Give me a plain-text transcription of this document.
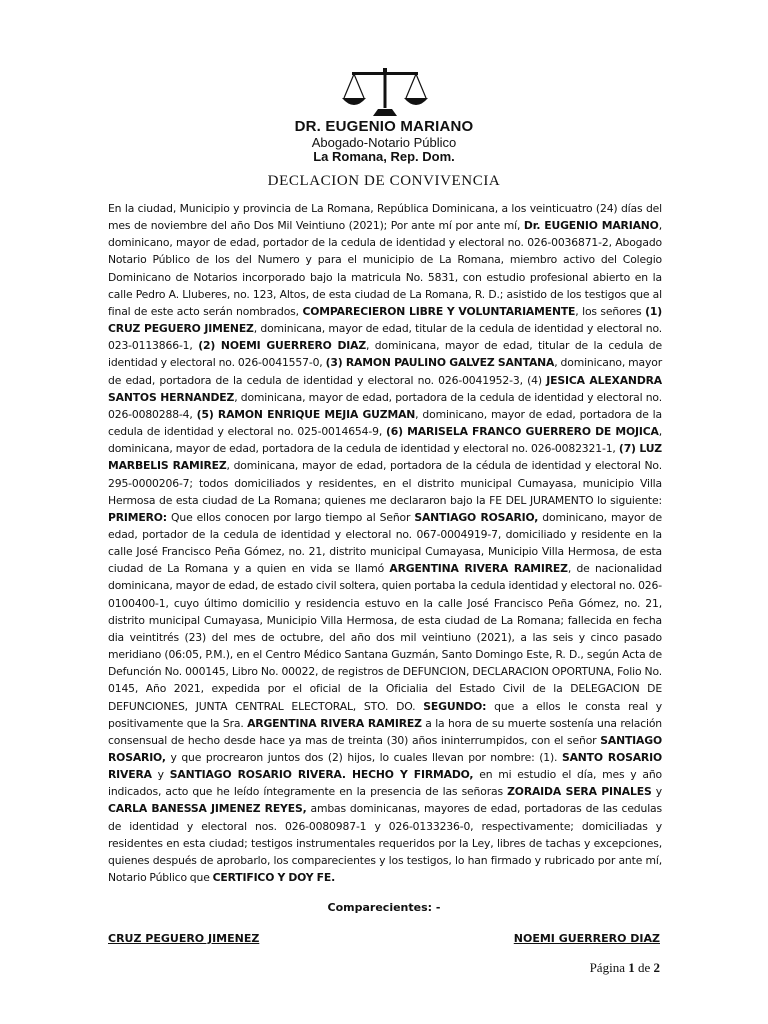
DR. EUGENIO MARIANO
Abogado-Notario Público
La Romana, Rep. Dom.
DECLACION DE CONVIVENCIA

En la ciudad, Municipio y provincia de La Romana, República Dominicana, a los veinticuatro (24) días del mes de noviembre del año Dos Mil Veintiuno (2021); Por ante mí por ante mí, Dr. EUGENIO MARIANO, dominicano, mayor de edad, portador de la cedula de identidad y electoral no. 026-0036871-2, Abogado Notario Público de los del Numero y para el municipio de La Romana, miembro activo del Colegio Dominicano de Notarios incorporado bajo la matricula No. 5831, con estudio profesional abierto en la calle Pedro A. Lluberes, no. 123, Altos, de esta ciudad de La Romana, R. D.; asistido de los testigos que al final de este acto serán nombrados, COMPARECIERON LIBRE Y VOLUNTARIAMENTE, los señores (1) CRUZ PEGUERO JIMENEZ, dominicana, mayor de edad, titular de la cedula de identidad y electoral no. 023-0113866-1, (2) NOEMI GUERRERO DIAZ, dominicana, mayor de edad, titular de la cedula de identidad y electoral no. 026-0041557-0, (3) RAMON PAULINO GALVEZ SANTANA, dominicano, mayor de edad, portadora de la cedula de identidad y electoral no. 026-0041952-3, (4) JESICA ALEXANDRA SANTOS HERNANDEZ, dominicana, mayor de edad, portadora de la cedula de identidad y electoral no. 026-0080288-4, (5) RAMON ENRIQUE MEJIA GUZMAN, dominicano, mayor de edad, portadora de la cedula de identidad y electoral no. 025-0014654-9, (6) MARISELA FRANCO GUERRERO DE MOJICA, dominicana, mayor de edad, portadora de la cedula de identidad y electoral no. 026-0082321-1, (7) LUZ MARBELIS RAMIREZ, dominicana, mayor de edad, portadora de la cédula de identidad y electoral No. 295-0000206-7; todos domiciliados y residentes, en el distrito municipal Cumayasa, municipio Villa Hermosa de esta ciudad de La Romana; quienes me declararon bajo la FE DEL JURAMENTO lo siguiente: PRIMERO: Que ellos conocen por largo tiempo al Señor SANTIAGO ROSARIO, dominicano, mayor de edad, portador de la cedula de identidad y electoral no. 067-0004919-7, domiciliado y residente en la calle José Francisco Peña Gómez, no. 21, distrito municipal Cumayasa, Municipio Villa Hermosa, de esta ciudad de La Romana y a quien en vida se llamó ARGENTINA RIVERA RAMIREZ, de nacionalidad dominicana, mayor de edad, de estado civil soltera, quien portaba la cedula identidad y electoral no. 026-0100400-1, cuyo último domicilio y residencia estuvo en la calle José Francisco Peña Gómez, no. 21, distrito municipal Cumayasa, Municipio Villa Hermosa, de esta ciudad de La Romana; fallecida en fecha dia veintitrés (23) del mes de octubre, del año dos mil veintiuno (2021), a las seis y cinco pasado meridiano (06:05, P.M.), en el Centro Médico Santana Guzmán, Santo Domingo Este, R. D., según Acta de Defunción No. 000145, Libro No. 00022, de registros de DEFUNCION, DECLARACION OPORTUNA, Folio No. 0145, Año 2021, expedida por el oficial de la Oficialia del Estado Civil de la DELEGACION DE DEFUNCIONES, JUNTA CENTRAL ELECTORAL, STO. DO. SEGUNDO: que a ellos le consta real y positivamente que la Sra. ARGENTINA RIVERA RAMIREZ a la hora de su muerte sostenía una relación consensual de hecho desde hace ya mas de treinta (30) años ininterrumpidos, con el señor SANTIAGO ROSARIO, y que procrearon juntos dos (2) hijos, lo cuales llevan por nombre: (1). SANTO ROSARIO RIVERA y SANTIAGO ROSARIO RIVERA. HECHO Y FIRMADO, en mi estudio el día, mes y año indicados, acto que he leído íntegramente en la presencia de las señoras ZORAIDA SERA PINALES y CARLA BANESSA JIMENEZ REYES, ambas dominicanas, mayores de edad, portadoras de las cedulas de identidad y electoral nos. 026-0080987-1 y 026-0133236-0, respectivamente; domiciliadas y residentes en esta ciudad; testigos instrumentales requeridos por la Ley, libres de tachas y excepciones, quienes después de aprobarlo, los comparecientes y los testigos, lo han firmado y rubricado por ante mí, Notario Público que CERTIFICO Y DOY FE.

Comparecientes: -
CRUZ PEGUERO JIMENEZ	NOEMI GUERRERO DIAZ
Página 1 de 2
